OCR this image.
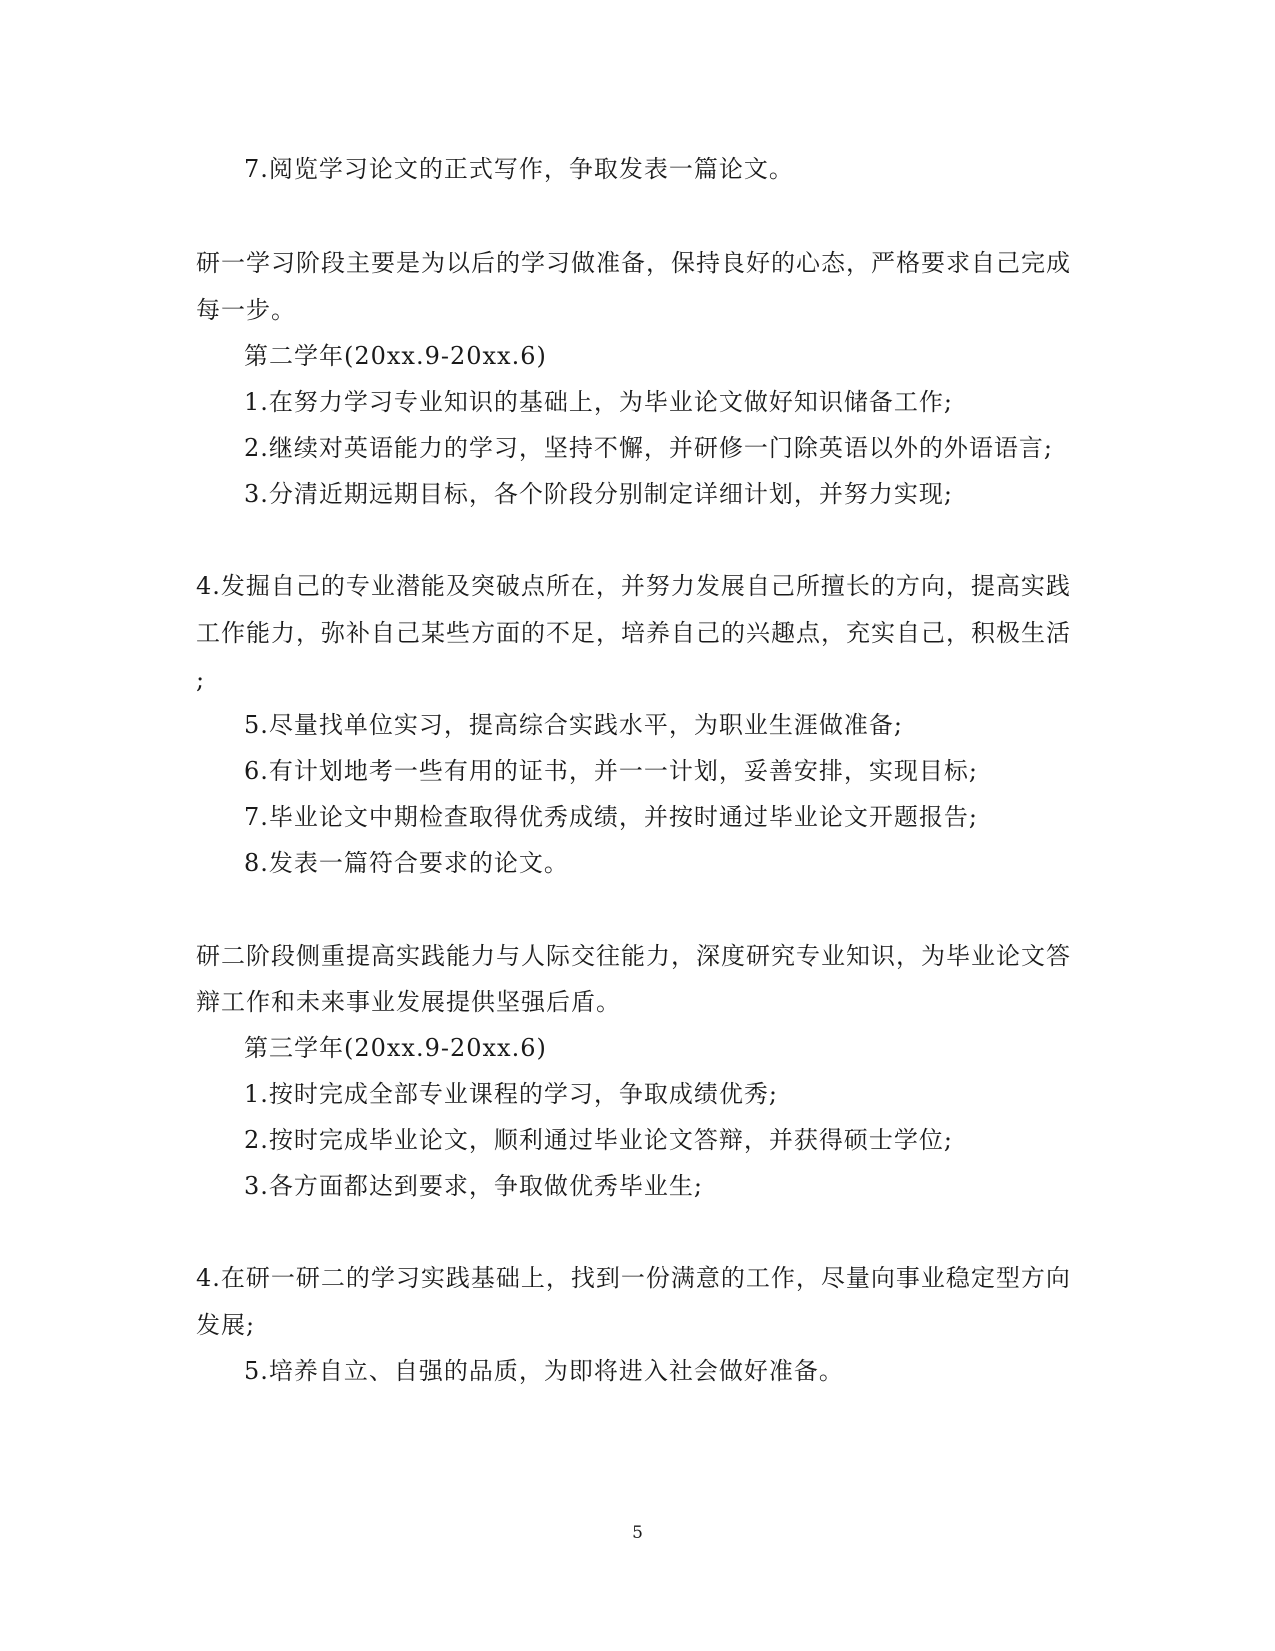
7.阅览学习论文的正式写作，争取发表一篇论文。
研一学习阶段主要是为以后的学习做准备，保持良好的心态，严格要求自己完成
每一步。
第二学年(20xx.9-20xx.6)
1.在努力学习专业知识的基础上，为毕业论文做好知识储备工作;
2.继续对英语能力的学习，坚持不懈，并研修一门除英语以外的外语语言;
3.分清近期远期目标，各个阶段分别制定详细计划，并努力实现;
4.发掘自己的专业潜能及突破点所在，并努力发展自己所擅长的方向，提高实践
工作能力，弥补自己某些方面的不足，培养自己的兴趣点，充实自己，积极生活
;
5.尽量找单位实习，提高综合实践水平，为职业生涯做准备;
6.有计划地考一些有用的证书，并一一计划，妥善安排，实现目标;
7.毕业论文中期检查取得优秀成绩，并按时通过毕业论文开题报告;
8.发表一篇符合要求的论文。
研二阶段侧重提高实践能力与人际交往能力，深度研究专业知识，为毕业论文答
辩工作和未来事业发展提供坚强后盾。
第三学年(20xx.9-20xx.6)
1.按时完成全部专业课程的学习，争取成绩优秀;
2.按时完成毕业论文，顺利通过毕业论文答辩，并获得硕士学位;
3.各方面都达到要求，争取做优秀毕业生;
4.在研一研二的学习实践基础上，找到一份满意的工作，尽量向事业稳定型方向
发展;
5.培养自立、自强的品质，为即将进入社会做好准备。
5
